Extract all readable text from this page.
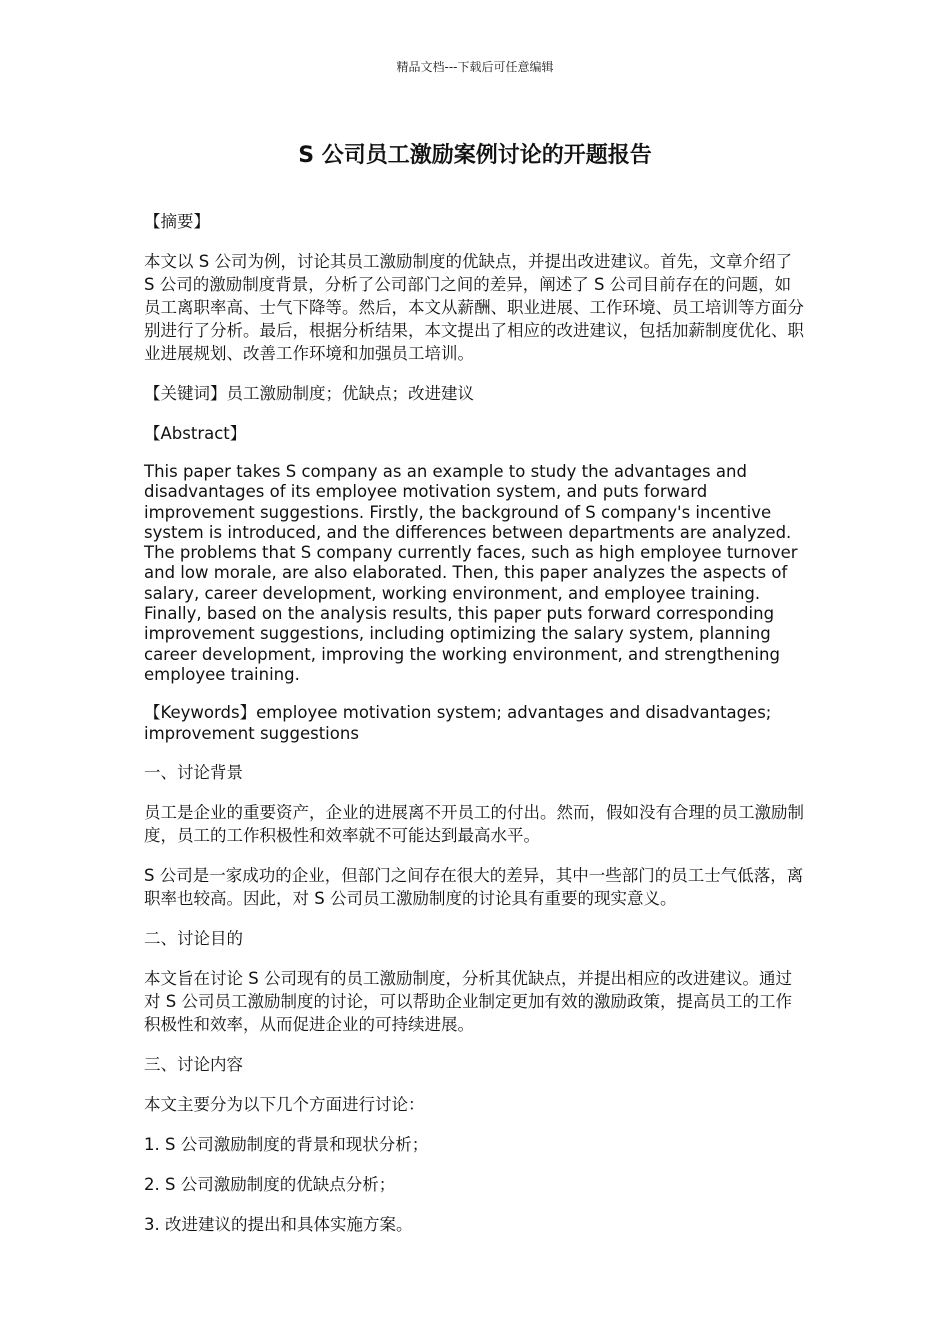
精品文档---下载后可任意编辑
S 公司员工激励案例讨论的开题报告

【摘要】

本文以 S 公司为例，讨论其员工激励制度的优缺点，并提出改进建议。首先，文章介绍了 S 公司的激励制度背景，分析了公司部门之间的差异，阐述了 S 公司目前存在的问题，如员工离职率高、士气下降等。然后，本文从薪酬、职业进展、工作环境、员工培训等方面分别进行了分析。最后，根据分析结果，本文提出了相应的改进建议，包括加薪制度优化、职业进展规划、改善工作环境和加强员工培训。

【关键词】员工激励制度；优缺点；改进建议

【Abstract】

This paper takes S company as an example to study the advantages and disadvantages of its employee motivation system, and puts forward improvement suggestions. Firstly, the background of S company's incentive system is introduced, and the differences between departments are analyzed. The problems that S company currently faces, such as high employee turnover and low morale, are also elaborated. Then, this paper analyzes the aspects of salary, career development, working environment, and employee training. Finally, based on the analysis results, this paper puts forward corresponding improvement suggestions, including optimizing the salary system, planning career development, improving the working environment, and strengthening employee training.

【Keywords】employee motivation system; advantages and disadvantages; improvement suggestions

一、讨论背景

员工是企业的重要资产，企业的进展离不开员工的付出。然而，假如没有合理的员工激励制度，员工的工作积极性和效率就不可能达到最高水平。

S 公司是一家成功的企业，但部门之间存在很大的差异，其中一些部门的员工士气低落，离职率也较高。因此，对 S 公司员工激励制度的讨论具有重要的现实意义。

二、讨论目的

本文旨在讨论 S 公司现有的员工激励制度，分析其优缺点，并提出相应的改进建议。通过对 S 公司员工激励制度的讨论，可以帮助企业制定更加有效的激励政策，提高员工的工作积极性和效率，从而促进企业的可持续进展。

三、讨论内容

本文主要分为以下几个方面进行讨论：

1. S 公司激励制度的背景和现状分析；

2. S 公司激励制度的优缺点分析；

3. 改进建议的提出和具体实施方案。
